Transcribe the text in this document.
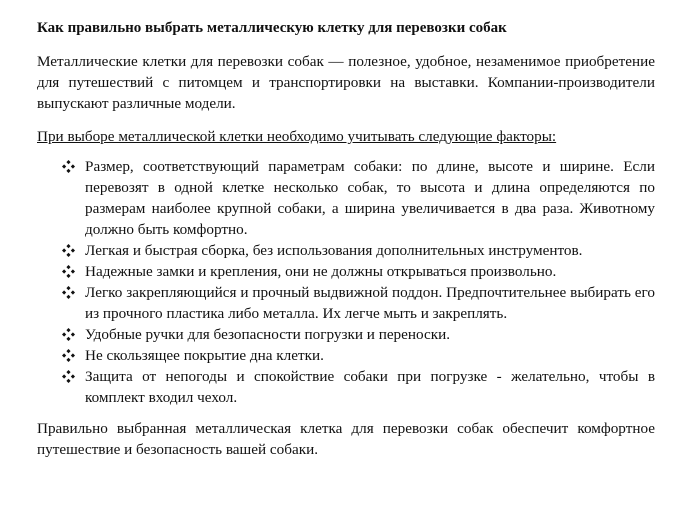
Как правильно выбрать металлическую клетку для перевозки собак

Металлические клетки для перевозки собак — полезное, удобное, незаменимое приобретение для путешествий с питомцем и транспортировки на выставки. Компании-производители выпускают различные модели.

При выборе металлической клетки необходимо учитывать следующие факторы:

Размер, соответствующий параметрам собаки: по длине, высоте и ширине. Если перевозят в одной клетке несколько собак, то высота и длина определяются по размерам наиболее крупной собаки, а ширина увеличивается в два раза. Животному должно быть комфортно.
Легкая и быстрая сборка, без использования дополнительных инструментов.
Надежные замки и крепления, они не должны открываться произвольно.
Легко закрепляющийся и прочный выдвижной поддон. Предпочтительнее выбирать его из прочного пластика либо металла. Их легче мыть и закреплять.
Удобные ручки для безопасности погрузки и переноски.
Не скользящее покрытие дна клетки.
Защита от непогоды и спокойствие собаки при погрузке - желательно, чтобы в комплект входил чехол.

Правильно выбранная металлическая клетка для перевозки собак обеспечит комфортное путешествие и безопасность вашей собаки.
